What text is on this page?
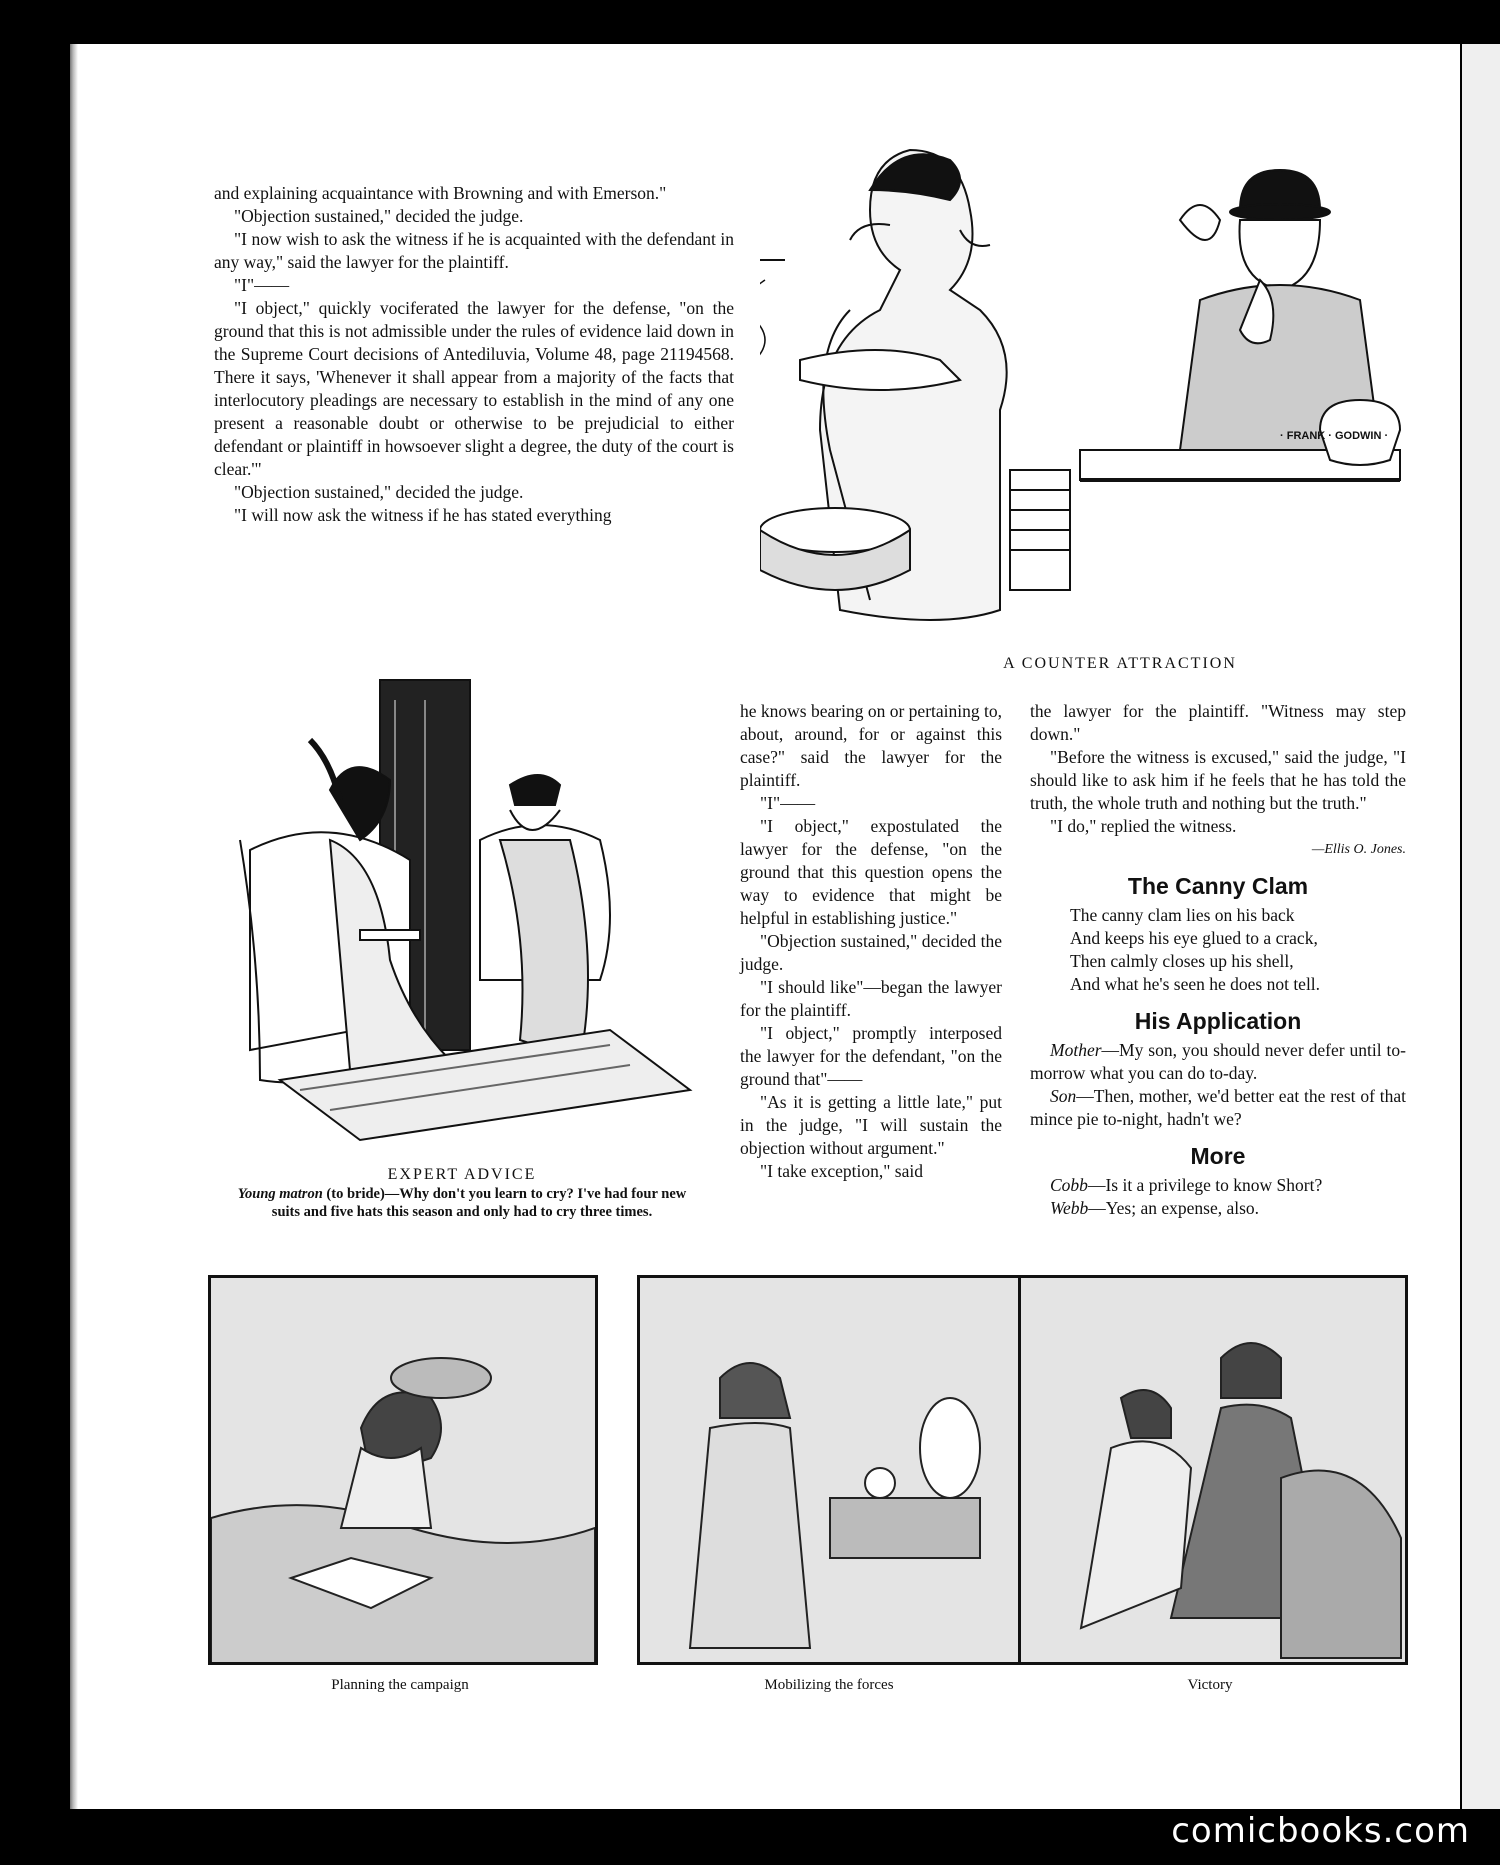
and explaining acquaintance with Browning and with Emerson."

"Objection sustained," decided the judge.

"I now wish to ask the witness if he is acquainted with the defendant in any way," said the lawyer for the plaintiff.

"I"——

"I object," quickly vociferated the lawyer for the defense, "on the ground that this is not admissible under the rules of evidence laid down in the Supreme Court decisions of Antediluvia, Volume 48, page 21194568. There it says, 'Whenever it shall appear from a majority of the facts that interlocutory pleadings are necessary to establish in the mind of any one present a reasonable doubt or otherwise to be prejudicial to either defendant or plaintiff in howsoever slight a degree, the duty of the court is clear.'"

"Objection sustained," decided the judge.

"I will now ask the witness if he has stated everything

· FRANK · GODWIN ·
A COUNTER ATTRACTION
EXPERT ADVICE
Young matron (to bride)—Why don't you learn to cry? I've had four new suits and five hats this season and only had to cry three times.

he knows bearing on or pertaining to, about, around, for or against this case?" said the lawyer for the plaintiff.

"I"——

"I object," expostulated the lawyer for the defense, "on the ground that this question opens the way to evidence that might be helpful in establishing justice."

"Objection sustained," decided the judge.

"I should like"—began the lawyer for the plaintiff.

"I object," promptly interposed the lawyer for the defendant, "on the ground that"——

"As it is getting a little late," put in the judge, "I will sustain the objection without argument."

"I take exception," said

the lawyer for the plaintiff. "Witness may step down."

"Before the witness is excused," said the judge, "I should like to ask him if he feels that he has told the truth, the whole truth and nothing but the truth."

"I do," replied the witness.

—Ellis O. Jones.

The Canny Clam

The canny clam lies on his back

And keeps his eye glued to a crack,

Then calmly closes up his shell,

And what he's seen he does not tell.

His Application

Mother—My son, you should never defer until to-morrow what you can do to-day.

Son—Then, mother, we'd better eat the rest of that mince pie to-night, hadn't we?

More

Cobb—Is it a privilege to know Short?

Webb—Yes; an expense, also.

Planning the campaign	Mobilizing the forces	Victory
comicbooks.com
